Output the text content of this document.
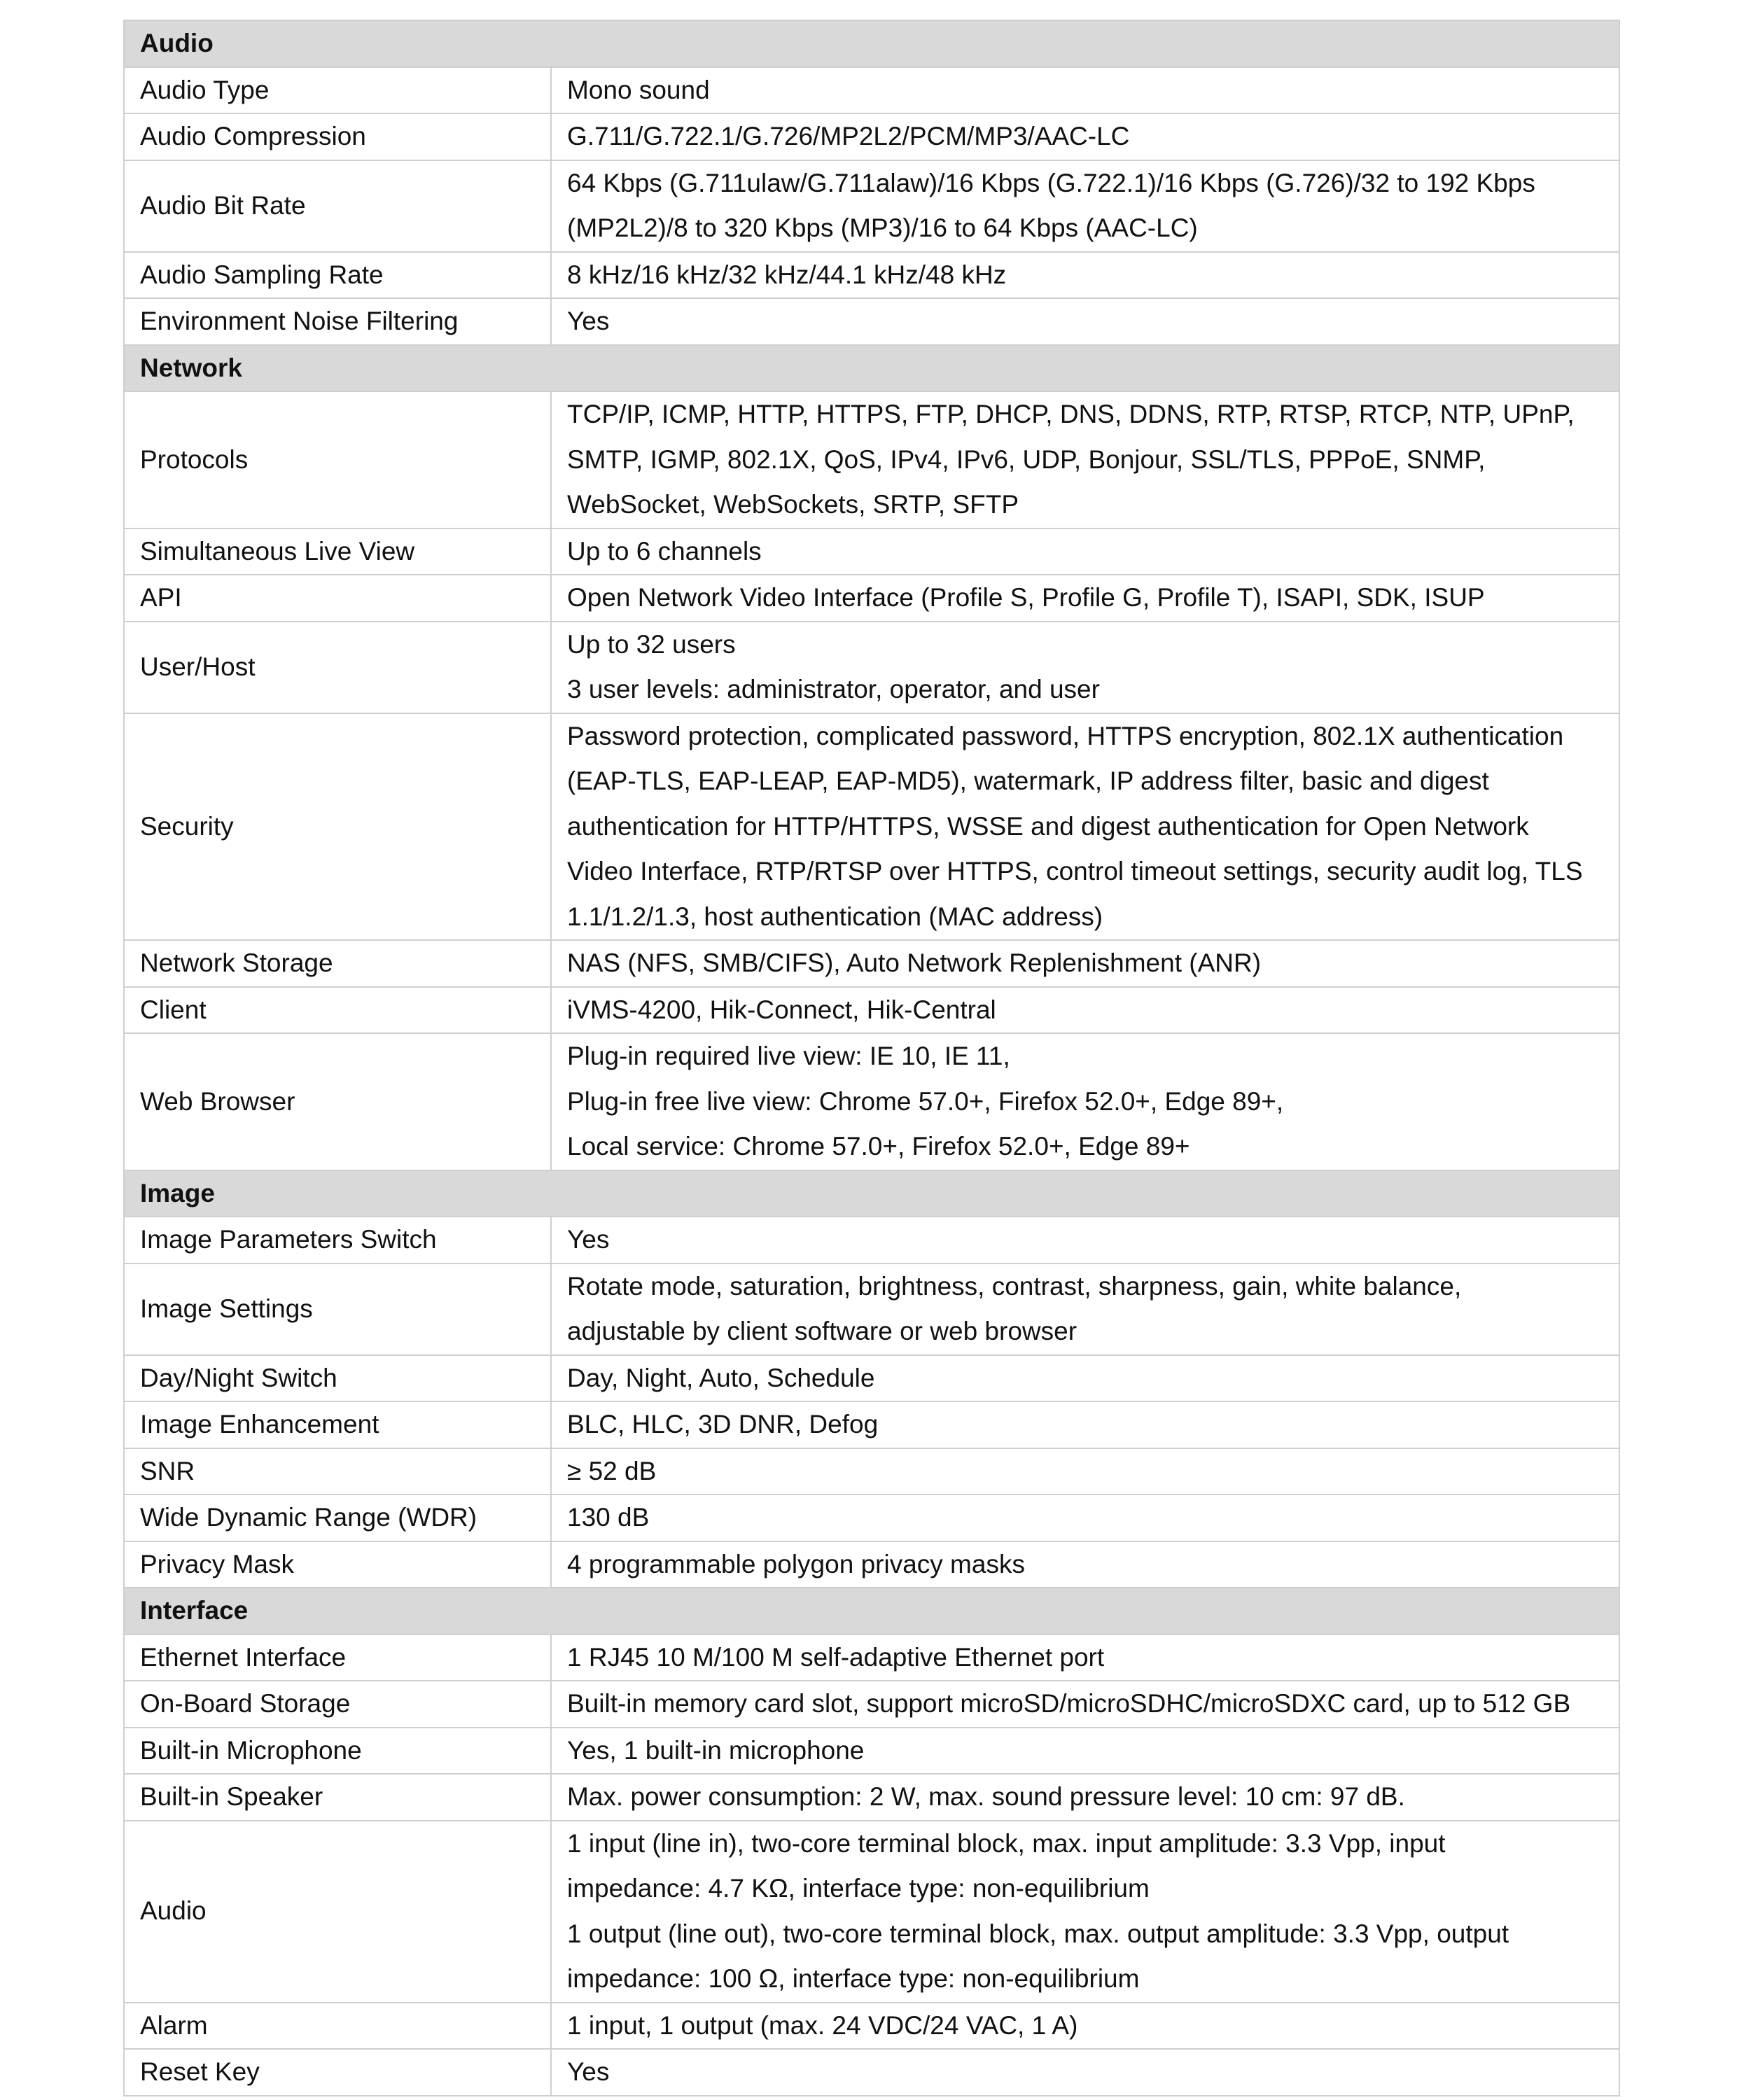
Audio	
Audio Type	Mono sound

Audio Compression	G.711/G.722.1/G.726/MP2L2/PCM/MP3/AAC-LC

Audio Bit Rate	64 Kbps (G.711ulaw/G.711alaw)/16 Kbps (G.722.1)/16 Kbps (G.726)/32 to 192 Kbps
(MP2L2)/8 to 320 Kbps (MP3)/16 to 64 Kbps (AAC-LC)

Audio Sampling Rate	8 kHz/16 kHz/32 kHz/44.1 kHz/48 kHz

Environment Noise Filtering	Yes

Network	
Protocols	TCP/IP, ICMP, HTTP, HTTPS, FTP, DHCP, DNS, DDNS, RTP, RTSP, RTCP, NTP, UPnP,
SMTP, IGMP, 802.1X, QoS, IPv4, IPv6, UDP, Bonjour, SSL/TLS, PPPoE, SNMP,
WebSocket, WebSockets, SRTP, SFTP

Simultaneous Live View	Up to 6 channels

API	Open Network Video Interface (Profile S, Profile G, Profile T), ISAPI, SDK, ISUP

User/Host	Up to 32 users
3 user levels: administrator, operator, and user

Security	Password protection, complicated password, HTTPS encryption, 802.1X authentication
(EAP-TLS, EAP-LEAP, EAP-MD5), watermark, IP address filter, basic and digest
authentication for HTTP/HTTPS, WSSE and digest authentication for Open Network
Video Interface, RTP/RTSP over HTTPS, control timeout settings, security audit log, TLS
1.1/1.2/1.3, host authentication (MAC address)

Network Storage	NAS (NFS, SMB/CIFS), Auto Network Replenishment (ANR)

Client	iVMS-4200, Hik-Connect, Hik-Central

Web Browser	Plug-in required live view: IE 10, IE 11,
Plug-in free live view: Chrome 57.0+, Firefox 52.0+, Edge 89+,
Local service: Chrome 57.0+, Firefox 52.0+, Edge 89+

Image	
Image Parameters Switch	Yes

Image Settings	Rotate mode, saturation, brightness, contrast, sharpness, gain, white balance,
adjustable by client software or web browser

Day/Night Switch	Day, Night, Auto, Schedule

Image Enhancement	BLC, HLC, 3D DNR, Defog

SNR	≥ 52 dB

Wide Dynamic Range (WDR)	130 dB

Privacy Mask	4 programmable polygon privacy masks

Interface	
Ethernet Interface	1 RJ45 10 M/100 M self-adaptive Ethernet port

On-Board Storage	Built-in memory card slot, support microSD/microSDHC/microSDXC card, up to 512 GB

Built-in Microphone	Yes, 1 built-in microphone

Built-in Speaker	Max. power consumption: 2 W, max. sound pressure level: 10 cm: 97 dB.

Audio	1 input (line in), two-core terminal block, max. input amplitude: 3.3 Vpp, input
impedance: 4.7 KΩ, interface type: non-equilibrium
1 output (line out), two-core terminal block, max. output amplitude: 3.3 Vpp, output
impedance: 100 Ω, interface type: non-equilibrium

Alarm	1 input, 1 output (max. 24 VDC/24 VAC, 1 A)

Reset Key	Yes
